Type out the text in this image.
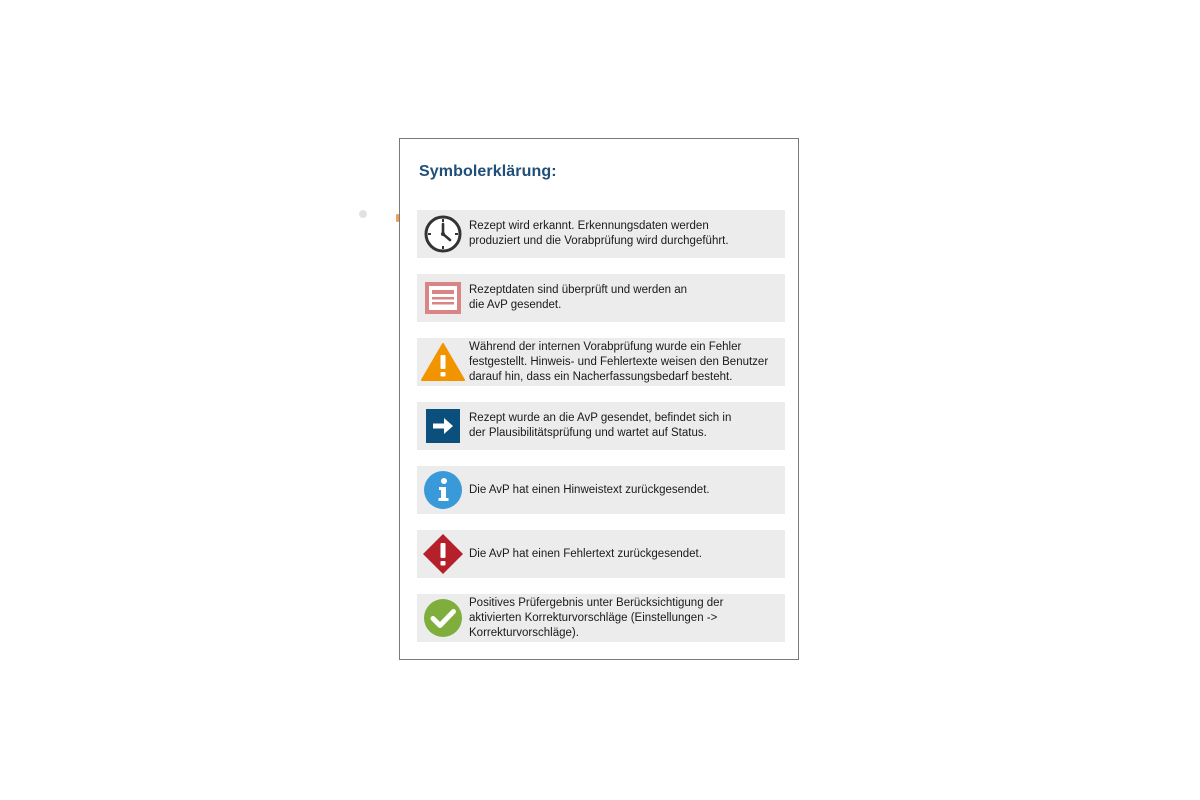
Symbolerklärung:
Rezept wird erkannt. Erkennungsdaten werden
produziert und die Vorabprüfung wird durchgeführt.
Rezeptdaten sind überprüft und werden an
die AvP gesendet.
Während der internen Vorabprüfung wurde ein Fehler
festgestellt. Hinweis- und Fehlertexte weisen den Benutzer
darauf hin, dass ein Nacherfassungsbedarf besteht.
Rezept wurde an die AvP gesendet, befindet sich in
der Plausibilitätsprüfung und wartet auf Status.
Die AvP hat einen Hinweistext zurückgesendet.
Die AvP hat einen Fehlertext zurückgesendet.
Positives Prüfergebnis unter Berücksichtigung der
aktivierten Korrekturvorschläge (Einstellungen ->
Korrekturvorschläge).
